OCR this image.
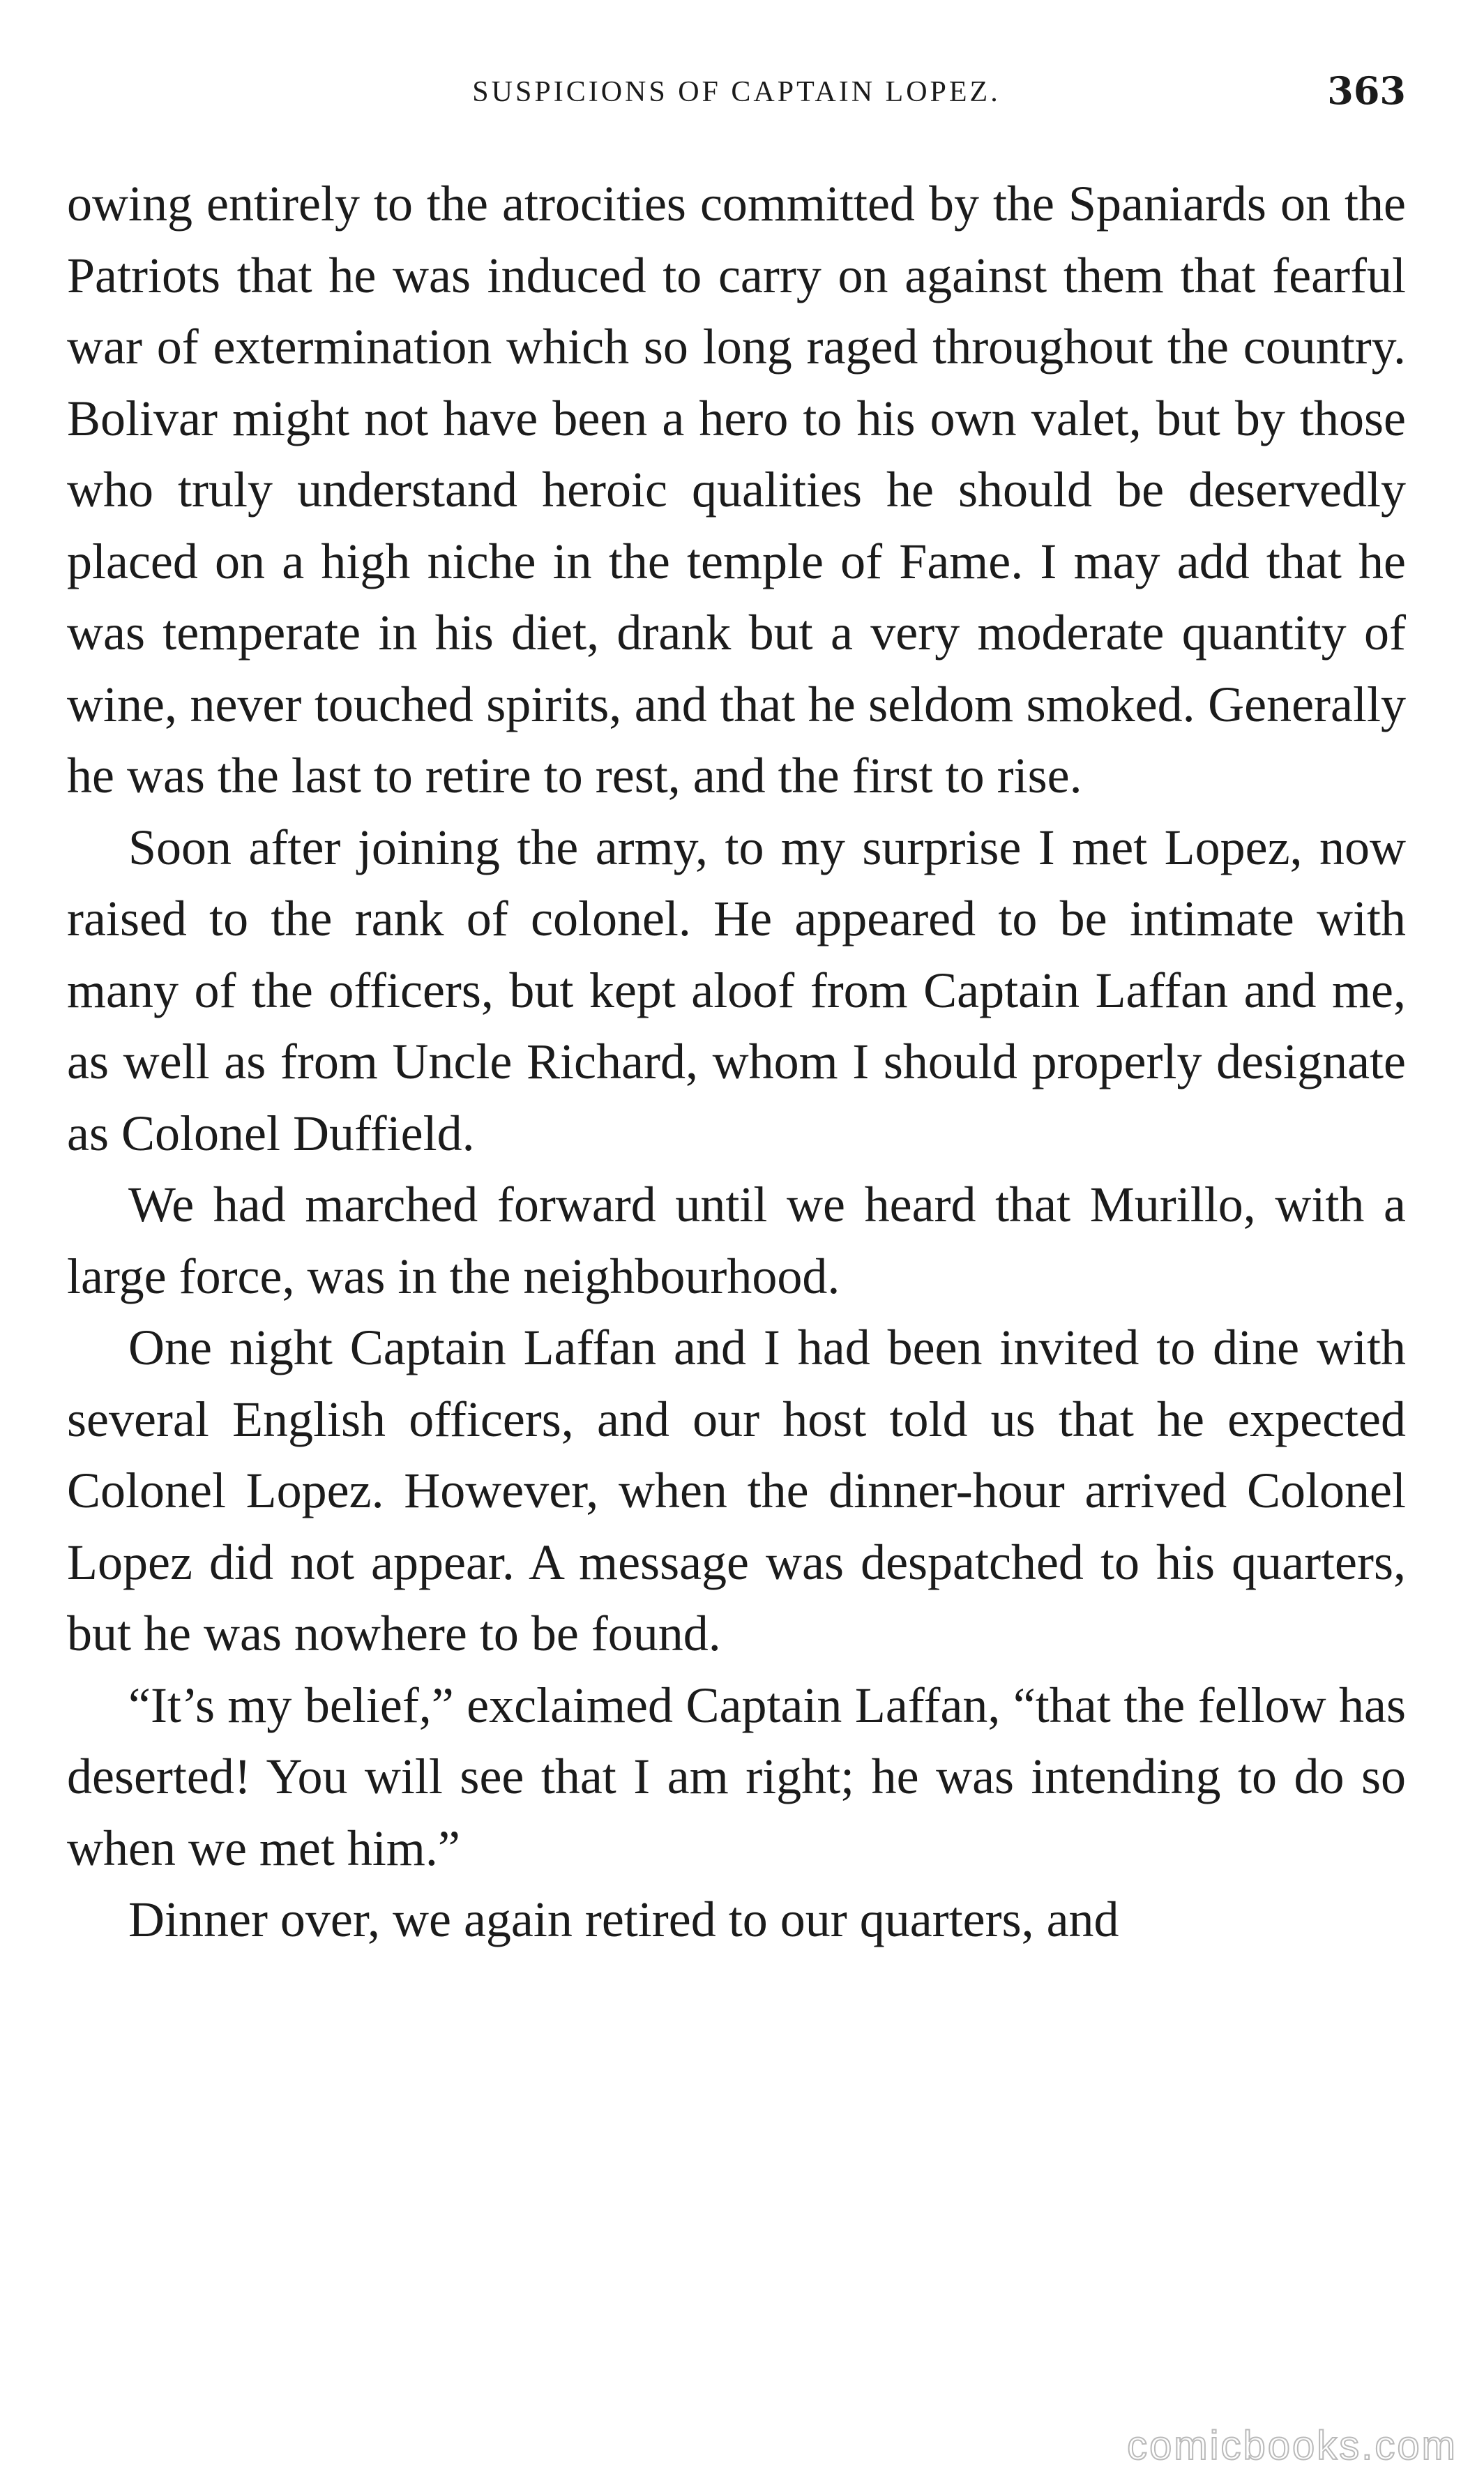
SUSPICIONS OF CAPTAIN LOPEZ.	363

owing entirely to the atrocities committed by the Spaniards on the Patriots that he was induced to carry on against them that fearful war of extermination which so long raged throughout the country. Bolivar might not have been a hero to his own valet, but by those who truly understand heroic qualities he should be deservedly placed on a high niche in the temple of Fame. I may add that he was temperate in his diet, drank but a very moderate quantity of wine, never touched spirits, and that he seldom smoked. Generally he was the last to retire to rest, and the first to rise.

Soon after joining the army, to my surprise I met Lopez, now raised to the rank of colonel. He appeared to be intimate with many of the officers, but kept aloof from Captain Laffan and me, as well as from Uncle Richard, whom I should properly designate as Colonel Duffield.

We had marched forward until we heard that Murillo, with a large force, was in the neighbourhood.

One night Captain Laffan and I had been invited to dine with several English officers, and our host told us that he expected Colonel Lopez. However, when the dinner-hour arrived Colonel Lopez did not appear. A message was despatched to his quarters, but he was nowhere to be found.

“It’s my belief,” exclaimed Captain Laffan, “that the fellow has deserted! You will see that I am right; he was intending to do so when we met him.”

Dinner over, we again retired to our quarters, and

comicbooks.com
